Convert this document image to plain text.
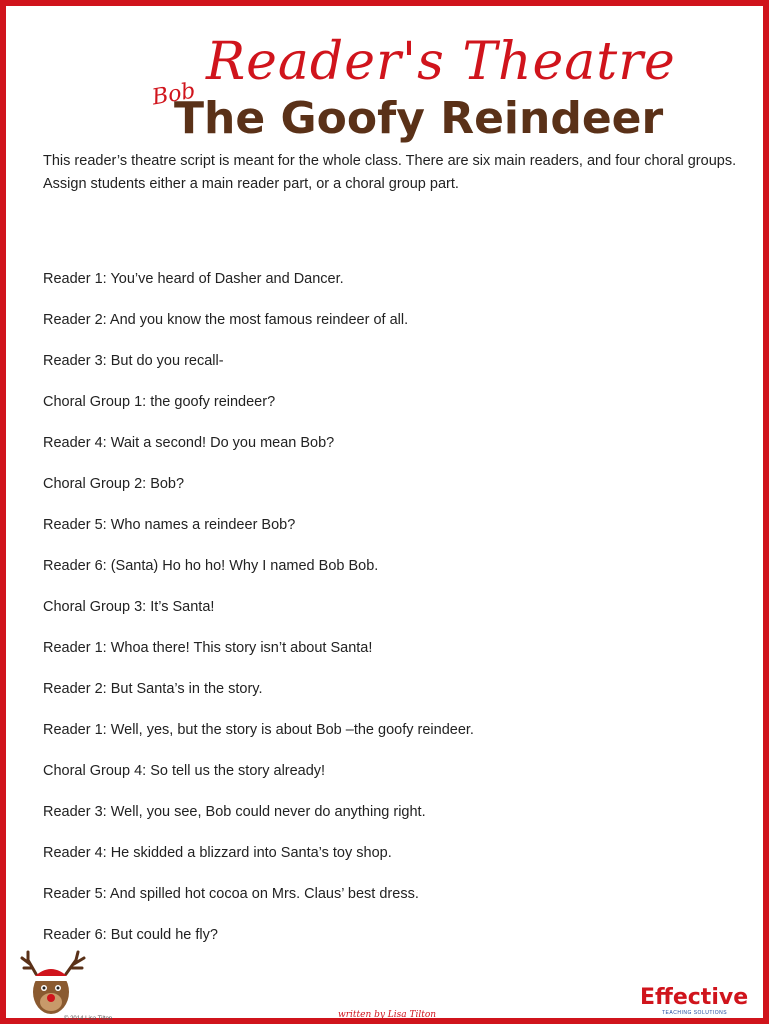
Reader's Theatre
Bob
The Goofy Reindeer
This reader’s theatre script is meant for the whole class. There are six main readers, and four choral groups. Assign students either a main reader part, or a choral group part.
Reader 1: You’ve heard of Dasher and Dancer.
Reader 2: And you know the most famous reindeer of all.
Reader 3: But do you recall-
Choral Group 1: the goofy reindeer?
Reader 4: Wait a second! Do you mean Bob?
Choral Group 2: Bob?
Reader 5: Who names a reindeer Bob?
Reader 6: (Santa) Ho ho ho! Why I named Bob Bob.
Choral Group 3: It’s Santa!
Reader 1: Whoa there! This story isn’t about Santa!
Reader 2: But Santa’s in the story.
Reader 1: Well, yes, but the story is about Bob –the goofy reindeer.
Choral Group 4: So tell us the story already!
Reader 3: Well, you see, Bob could never do anything right.
Reader 4: He skidded a blizzard into Santa’s toy shop.
Reader 5: And spilled hot cocoa on Mrs. Claus’ best dress.
Reader 6: But could he fly?
© 2014 Lisa Tilton	written by Lisa Tilton
Effective
TEACHING SOLUTIONS
